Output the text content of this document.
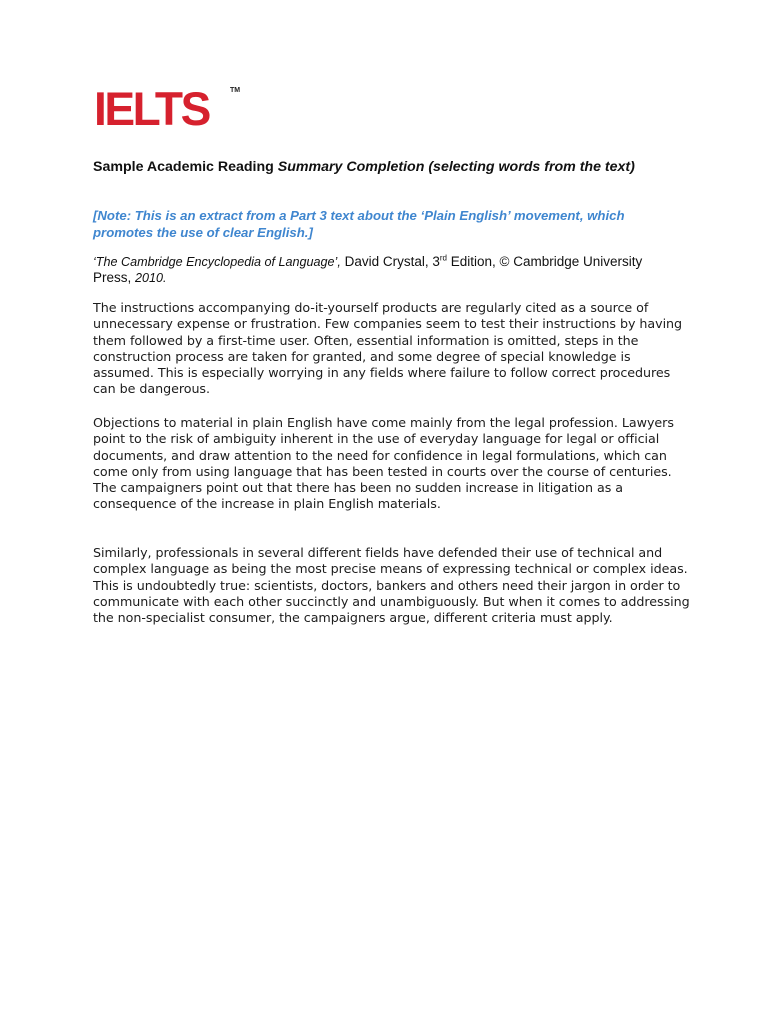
IELTS	TM
Sample Academic Reading Summary Completion (selecting words from the text)
[Note: This is an extract from a Part 3 text about the ‘Plain English’ movement, which promotes the use of clear English.]
‘The Cambridge Encyclopedia of Language’, David Crystal, 3rd Edition, © Cambridge University Press, 2010.

The instructions accompanying do-it-yourself products are regularly cited as a source of unnecessary expense or frustration. Few companies seem to test their instructions by having them followed by a first-time user. Often, essential information is omitted, steps in the construction process are taken for granted, and some degree of special knowledge is assumed. This is especially worrying in any fields where failure to follow correct procedures can be dangerous.

Objections to material in plain English have come mainly from the legal profession. Lawyers point to the risk of ambiguity inherent in the use of everyday language for legal or official documents, and draw attention to the need for confidence in legal formulations, which can come only from using language that has been tested in courts over the course of centuries. The campaigners point out that there has been no sudden increase in litigation as a consequence of the increase in plain English materials.

Similarly, professionals in several different fields have defended their use of technical and complex language as being the most precise means of expressing technical or complex ideas. This is undoubtedly true: scientists, doctors, bankers and others need their jargon in order to communicate with each other succinctly and unambiguously. But when it comes to addressing the non-specialist consumer, the campaigners argue, different criteria must apply.
